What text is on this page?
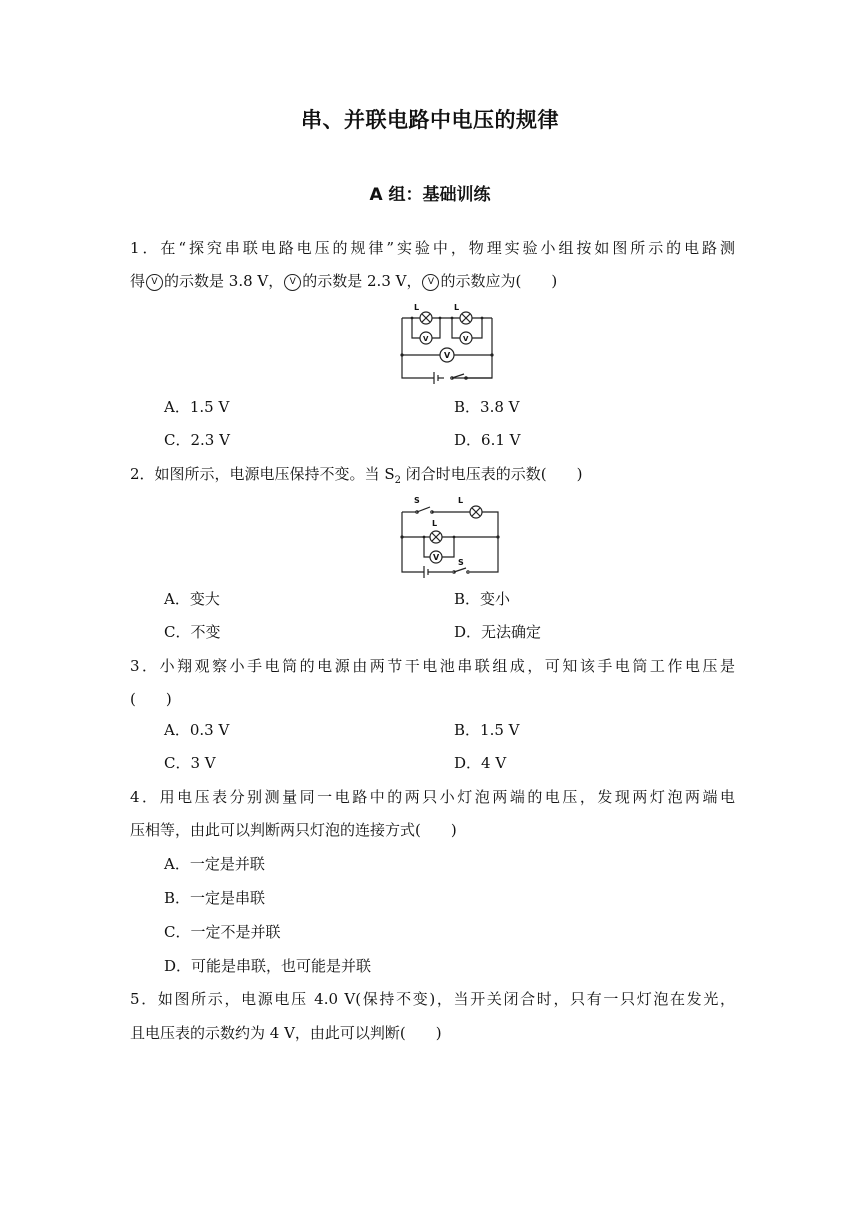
串、并联电路中电压的规律
A 组：基础训练
1．在“探究串联电路电压的规律”实验中，物理实验小组按如图所示的电路测
得 V 的示数是 3.8 V， V 的示数是 2.3 V， V 的示数应为(　　)
L	L
V	V
V
A．1.5 V	B．3.8 V
C．2.3 V	D．6.1 V
2．如图所示，电源电压保持不变。当 $S_2$ 闭合时电压表的示数(　　)
S	L
L
V
S
A．变大	B．变小
C．不变	D．无法确定
3．小翔观察小手电筒的电源由两节干电池串联组成，可知该手电筒工作电压是
(　　)
A．0.3 V	B．1.5 V
C．3 V	D．4 V
4．用电压表分别测量同一电路中的两只小灯泡两端的电压，发现两灯泡两端电
压相等，由此可以判断两只灯泡的连接方式(　　)
A．一定是并联
B．一定是串联
C．一定不是并联
D．可能是串联，也可能是并联
5．如图所示，电源电压 4.0 V(保持不变)，当开关闭合时，只有一只灯泡在发光，
且电压表的示数约为 4 V，由此可以判断(　　)
